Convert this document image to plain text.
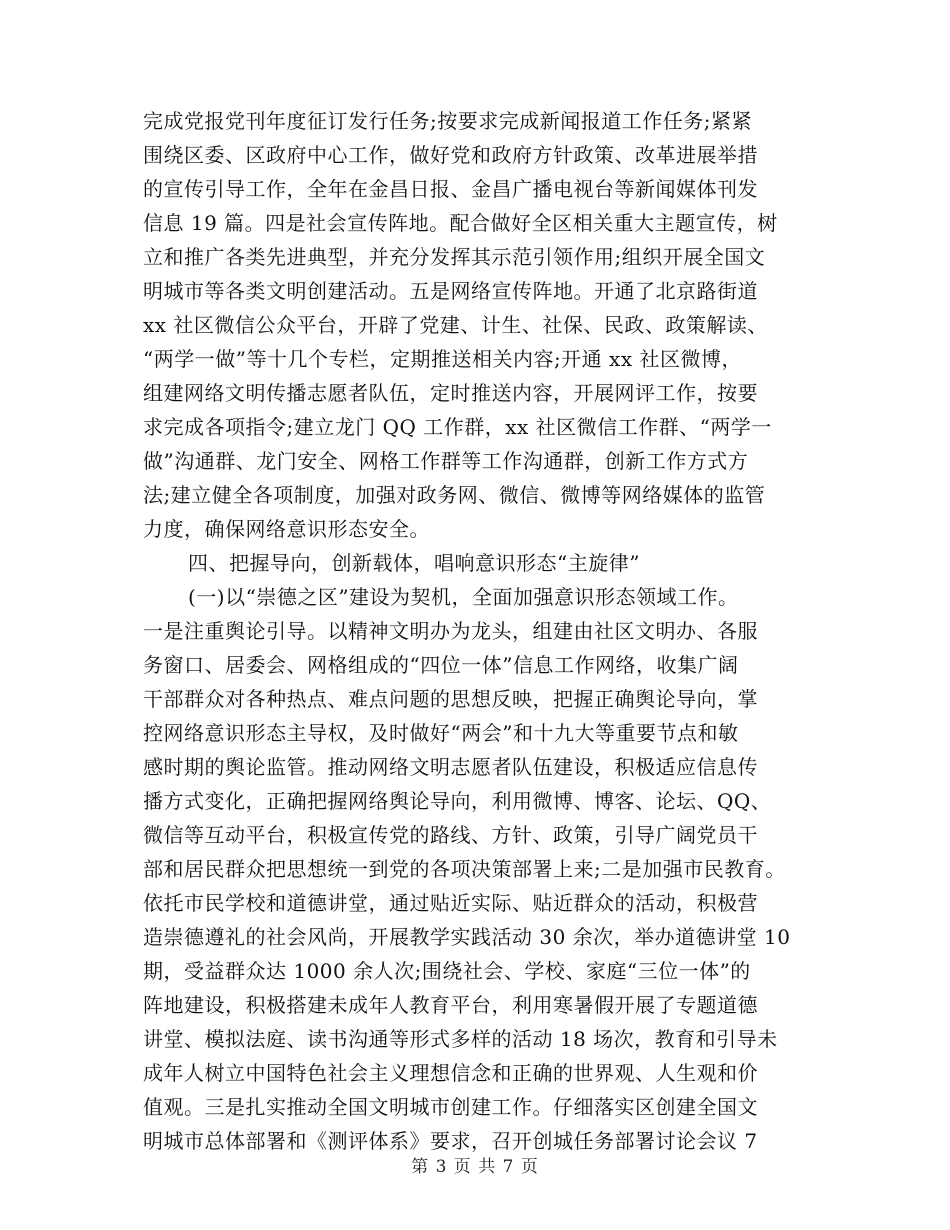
完成党报党刊年度征订发行任务;按要求完成新闻报道工作任务;紧紧
围绕区委、区政府中心工作，做好党和政府方针政策、改革进展举措
的宣传引导工作，全年在金昌日报、金昌广播电视台等新闻媒体刊发
信息 19 篇。四是社会宣传阵地。配合做好全区相关重大主题宣传，树
立和推广各类先进典型，并充分发挥其示范引领作用;组织开展全国文
明城市等各类文明创建活动。五是网络宣传阵地。开通了北京路街道
xx 社区微信公众平台，开辟了党建、计生、社保、民政、政策解读、
“两学一做”等十几个专栏，定期推送相关内容;开通 xx 社区微博，
组建网络文明传播志愿者队伍，定时推送内容，开展网评工作，按要
求完成各项指令;建立龙门 QQ 工作群，xx 社区微信工作群、“两学一
做”沟通群、龙门安全、网格工作群等工作沟通群，创新工作方式方
法;建立健全各项制度，加强对政务网、微信、微博等网络媒体的监管
力度，确保网络意识形态安全。
四、把握导向，创新载体，唱响意识形态“主旋律”
(一)以“崇德之区”建设为契机，全面加强意识形态领域工作。
一是注重舆论引导。以精神文明办为龙头，组建由社区文明办、各服
务窗口、居委会、网格组成的“四位一体”信息工作网络，收集广阔
干部群众对各种热点、难点问题的思想反映，把握正确舆论导向，掌
控网络意识形态主导权，及时做好“两会”和十九大等重要节点和敏
感时期的舆论监管。推动网络文明志愿者队伍建设，积极适应信息传
播方式变化，正确把握网络舆论导向，利用微博、博客、论坛、QQ、
微信等互动平台，积极宣传党的路线、方针、政策，引导广阔党员干
部和居民群众把思想统一到党的各项决策部署上来;二是加强市民教育。
依托市民学校和道德讲堂，通过贴近实际、贴近群众的活动，积极营
造崇德遵礼的社会风尚，开展教学实践活动 30 余次，举办道德讲堂 10
期，受益群众达 1000 余人次;围绕社会、学校、家庭“三位一体”的
阵地建设，积极搭建未成年人教育平台，利用寒暑假开展了专题道德
讲堂、模拟法庭、读书沟通等形式多样的活动 18 场次，教育和引导未
成年人树立中国特色社会主义理想信念和正确的世界观、人生观和价
值观。三是扎实推动全国文明城市创建工作。仔细落实区创建全国文
明城市总体部署和《测评体系》要求，召开创城任务部署讨论会议 7
第 3 页 共 7 页
